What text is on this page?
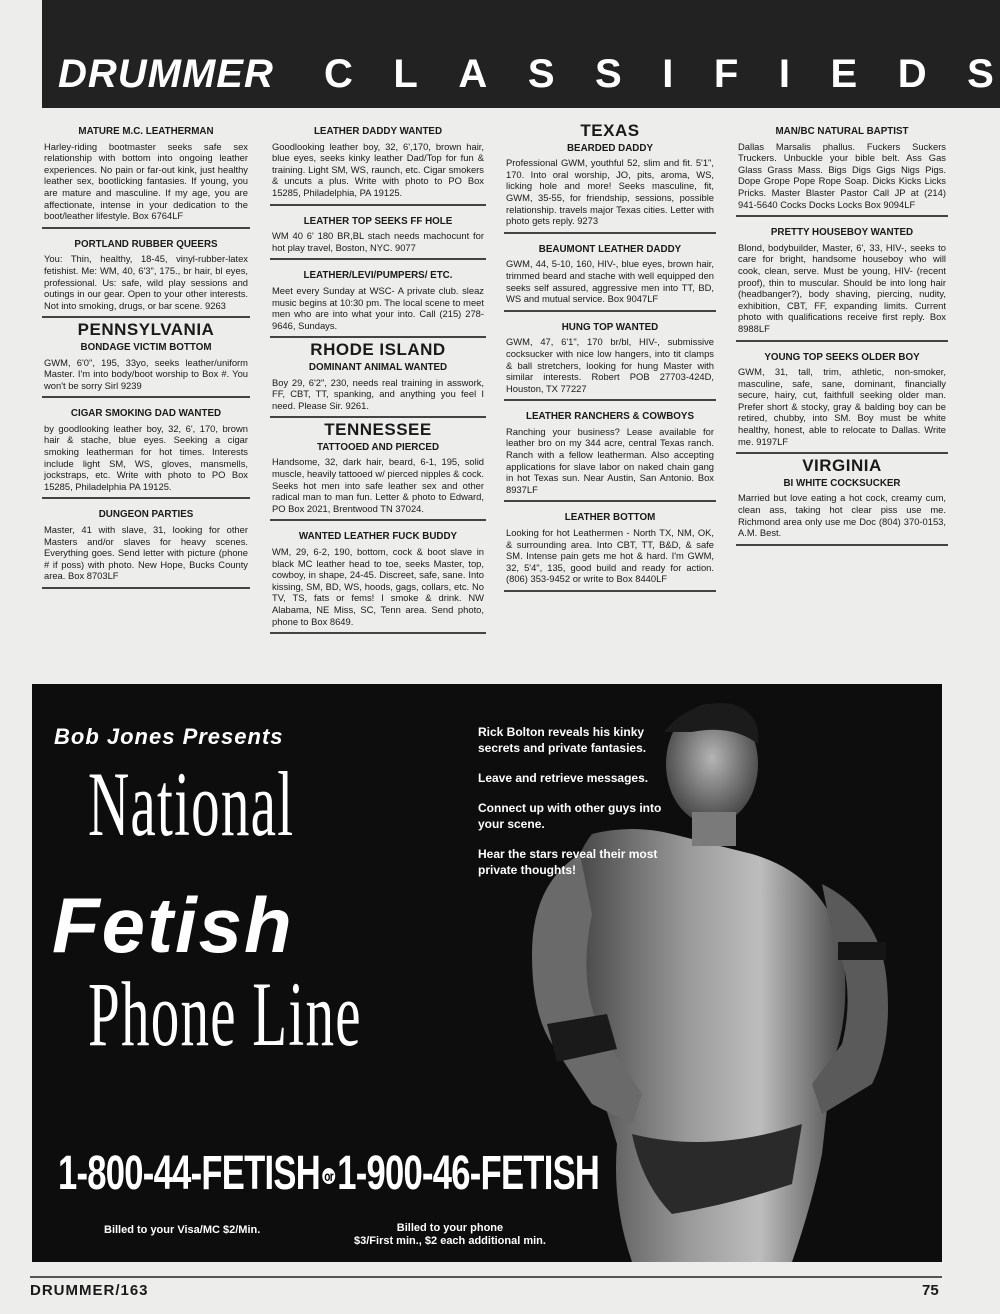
DRUMMER C L A S S I F I E D S
MATURE M.C. LEATHERMAN
Harley-riding bootmaster seeks safe sex relationship with bottom into ongoing leather experiences. No pain or far-out kink, just healthy leather sex, bootlicking fantasies. If young, you are mature and masculine. If my age, you are affectionate, intense in your dedication to the boot/leather lifestyle. Box 6764LF
PORTLAND RUBBER QUEERS
You: Thin, healthy, 18-45, vinyl-rubber-latex fetishist. Me: WM, 40, 6'3", 175., br hair, bl eyes, professional. Us: safe, wild play sessions and outings in our gear. Open to your other interests. Not into smoking, drugs, or bar scene. 9263
PENNSYLVANIA
BONDAGE VICTIM BOTTOM
GWM, 6'0", 195, 33yo, seeks leather/uniform Master. I'm into body/boot worship to Box #. You won't be sorry Sirl 9239
CIGAR SMOKING DAD WANTED
by goodlooking leather boy, 32, 6', 170, brown hair & stache, blue eyes. Seeking a cigar smoking leatherman for hot times. Interests include light SM, WS, gloves, mansmells, jockstraps, etc. Write with photo to PO Box 15285, Philadelphia PA 19125.
DUNGEON PARTIES
Master, 41 with slave, 31, looking for other Masters and/or slaves for heavy scenes. Everything goes. Send letter with picture (phone # if poss) with photo. New Hope, Bucks County area. Box 8703LF
LEATHER DADDY WANTED
Goodlooking leather boy, 32, 6',170, brown hair, blue eyes, seeks kinky leather Dad/Top for fun & training. Light SM, WS, raunch, etc. Cigar smokers & uncuts a plus. Write with photo to PO Box 15285, Philadelphia, PA 19125.
LEATHER TOP SEEKS FF HOLE
WM 40 6' 180 BR,BL stach needs machocunt for hot play travel, Boston, NYC. 9077
LEATHER/LEVI/PUMPERS/ ETC.
Meet every Sunday at WSC- A private club. sleaz music begins at 10:30 pm. The local scene to meet men who are into what your into. Call (215) 278-9646, Sundays.
RHODE ISLAND
DOMINANT ANIMAL WANTED
Boy 29, 6'2", 230, needs real training in asswork, FF, CBT, TT, spanking, and anything you feel I need. Please Sir. 9261.
TENNESSEE
TATTOOED AND PIERCED
Handsome, 32, dark hair, beard, 6-1, 195, solid muscle, heavily tattooed w/ pierced nipples & cock. Seeks hot men into safe leather sex and other radical man to man fun. Letter & photo to Edward, PO Box 2021, Brentwood TN 37024.
WANTED LEATHER FUCK BUDDY
WM, 29, 6-2, 190, bottom, cock & boot slave in black MC leather head to toe, seeks Master, top, cowboy, in shape, 24-45. Discreet, safe, sane. Into kissing, SM, BD, WS, hoods, gags, collars, etc. No TV, TS, fats or fems! I smoke & drink. NW Alabama, NE Miss, SC, Tenn area. Send photo, phone to Box 8649.
TEXAS
BEARDED DADDY
Professional GWM, youthful 52, slim and fit. 5'1", 170. Into oral worship, JO, pits, aroma, WS, licking hole and more! Seeks masculine, fit, GWM, 35-55, for friendship, sessions, possible relationship. travels major Texas cities. Letter with photo gets reply. 9273
BEAUMONT LEATHER DADDY
GWM, 44, 5-10, 160, HIV-, blue eyes, brown hair, trimmed beard and stache with well equipped den seeks self assured, aggressive men into TT, BD, WS and mutual service. Box 9047LF
HUNG TOP WANTED
GWM, 47, 6'1", 170 br/bl, HIV-, submissive cocksucker with nice low hangers, into tit clamps & ball stretchers, looking for hung Master with similar interests. Robert POB 27703-424D, Houston, TX 77227
LEATHER RANCHERS & COWBOYS
Ranching your business? Lease available for leather bro on my 344 acre, central Texas ranch. Ranch with a fellow leatherman. Also accepting applications for slave labor on naked chain gang in hot Texas sun. Near Austin, San Antonio. Box 8937LF
LEATHER BOTTOM
Looking for hot Leathermen - North TX, NM, OK, & surrounding area. Into CBT, TT, B&D, & safe SM. Intense pain gets me hot & hard. I'm GWM, 32, 5'4", 135, good build and ready for action. (806) 353-9452 or write to Box 8440LF
MAN/BC NATURAL BAPTIST
Dallas Marsalis phallus. Fuckers Suckers Truckers. Unbuckle your bible belt. Ass Gas Glass Grass Mass. Bigs Digs Gigs Nigs Pigs. Dope Grope Pope Rope Soap. Dicks Kicks Licks Pricks. Master Blaster Pastor Call JP at (214) 941-5640 Cocks Docks Locks Box 9094LF
PRETTY HOUSEBOY WANTED
Blond, bodybuilder, Master, 6', 33, HIV-, seeks to care for bright, handsome houseboy who will cook, clean, serve. Must be young, HIV- (recent proof), thin to muscular. Should be into long hair (headbanger?), body shaving, piercing, nudity, exhibition, CBT, FF, expanding limits. Current photo with qualifications receive first reply. Box 8988LF
YOUNG TOP SEEKS OLDER BOY
GWM, 31, tall, trim, athletic, non-smoker, masculine, safe, sane, dominant, financially secure, hairy, cut, faithfull seeking older man. Prefer short & stocky, gray & balding boy can be retired, chubby, into SM. Boy must be white healthy, honest, able to relocate to Dallas. Write me. 9197LF
VIRGINIA
BI WHITE COCKSUCKER
Married but love eating a hot cock, creamy cum, clean ass, taking hot clear piss use me. Richmond area only use me Doc (804) 370-0153, A.M. Best.
Bob Jones Presents
National
Fetish
Phone Line

Rick Bolton reveals his kinky secrets and private fantasies.

Leave and retrieve messages.

Connect up with other guys into your scene.

Hear the stars reveal their most private thoughts!

1-800-44-FETISH or1-900-46-FETISH
Billed to your Visa/MC $2/Min.	Billed to your phone
$3/First min., $2 each additional min.
DRUMMER/163	75
